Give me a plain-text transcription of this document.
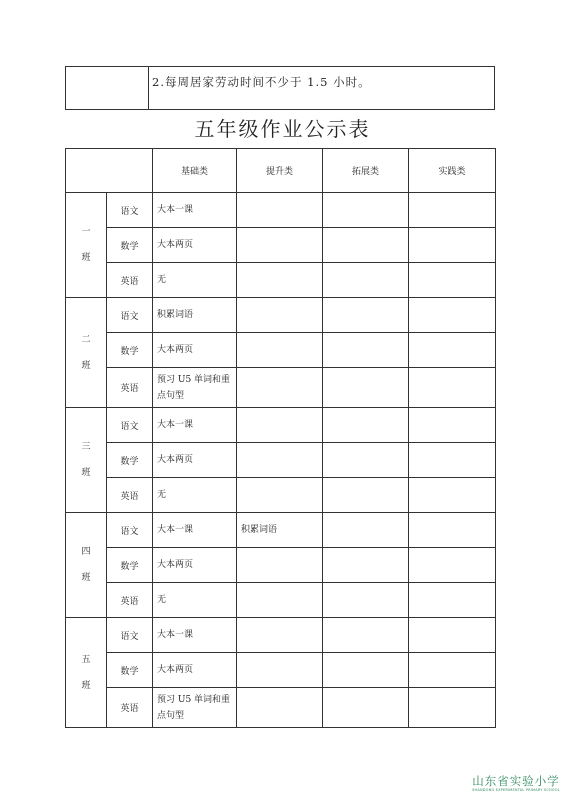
	2.每周居家劳动时间不少于 1.5 小时。
五年级作业公示表
		基础类	提升类	拓展类	实践类

一
班	语文	大本一课			
	数学	大本两页			
	英语	无			

二
班	语文	积累词语			
	数学	大本两页			
	英语	预习 U5 单词和重点句型			

三
班	语文	大本一课			
	数学	大本两页			
	英语	无			

四
班	语文	大本一课	积累词语		
	数学	大本两页			
	英语	无			

五
班	语文	大本一课			
	数学	大本两页			
	英语	预习 U5 单词和重点句型			
山东省实验小学
SHANDONG EXPERIMENTAL PRIMARY SCHOOL
